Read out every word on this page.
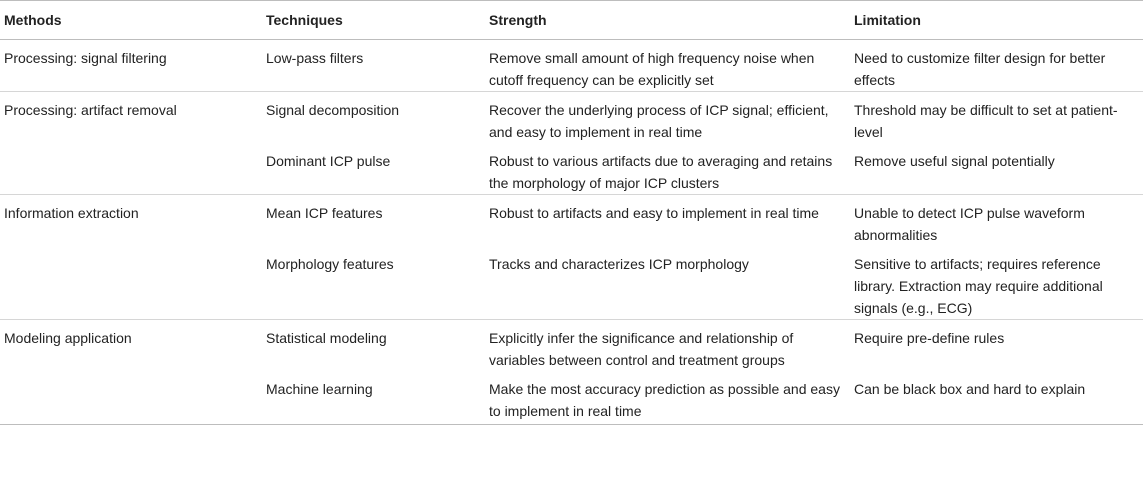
Methods	Techniques	Strength	Limitation
Processing: signal filtering	Low-pass filters	Remove small amount of high frequency noise when cutoff frequency can be explicitly set	Need to customize filter design for better effects
Processing: artifact removal	Signal decomposition	Recover the underlying process of ICP signal; efficient, and easy to implement in real time	Threshold may be difficult to set at patient-level
	Dominant ICP pulse	Robust to various artifacts due to averaging and retains the morphology of major ICP clusters	Remove useful signal potentially
Information extraction	Mean ICP features	Robust to artifacts and easy to implement in real time	Unable to detect ICP pulse waveform abnormalities
	Morphology features	Tracks and characterizes ICP morphology	Sensitive to artifacts; requires reference library. Extraction may require additional signals (e.g., ECG)
Modeling application	Statistical modeling	Explicitly infer the significance and relationship of variables between control and treatment groups	Require pre-define rules
	Machine learning	Make the most accuracy prediction as possible and easy to implement in real time	Can be black box and hard to explain
